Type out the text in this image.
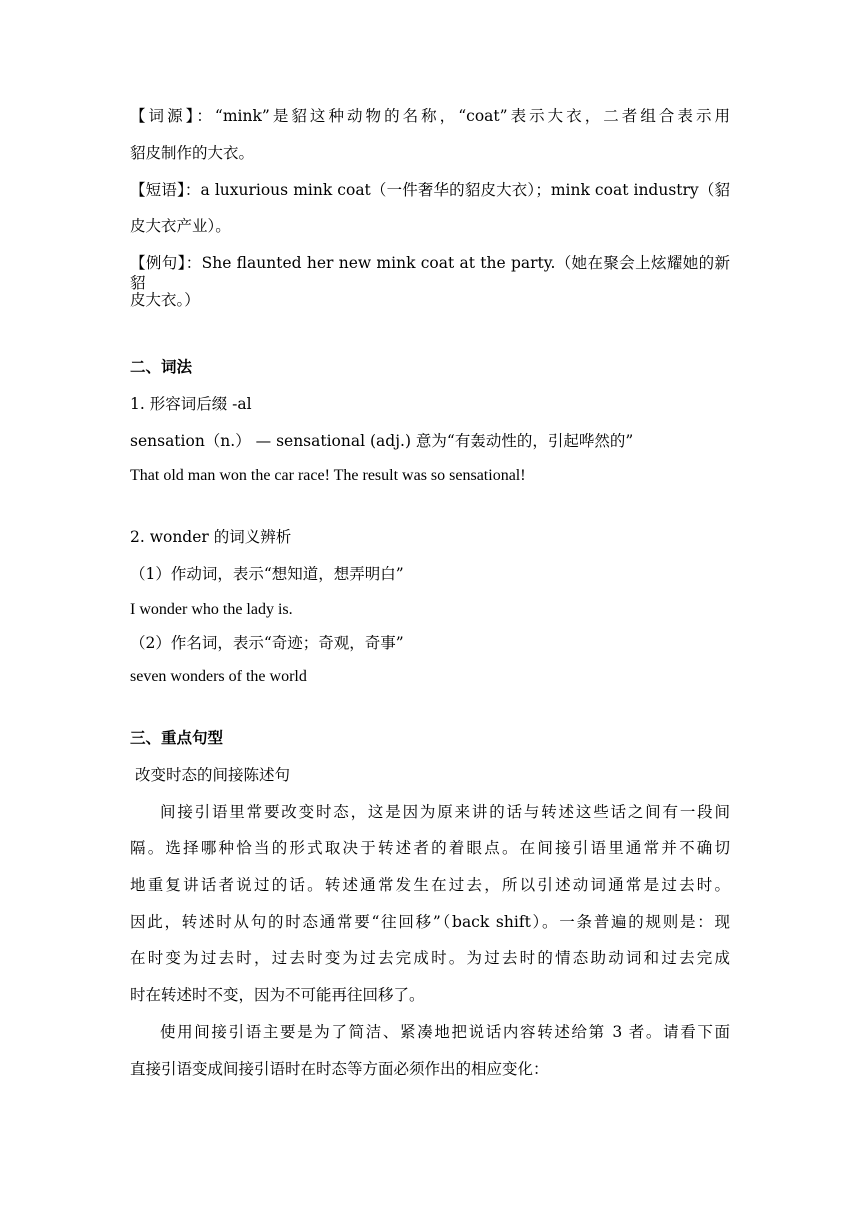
【词源】：“mink”是貂这种动物的名称，“coat”表示大衣，二者组合表示用
貂皮制作的大衣。
【短语】：a luxurious mink coat（一件奢华的貂皮大衣）；mink coat industry（貂
皮大衣产业）。
【例句】：She flaunted her new mink coat at the party.（她在聚会上炫耀她的新貂
皮大衣。）
二、词法
1. 形容词后缀 -al
sensation（n.） — sensational (adj.) 意为“有轰动性的，引起哗然的”
That old man won the car race! The result was so sensational!
2. wonder 的词义辨析
（1）作动词，表示“想知道，想弄明白”
I wonder who the lady is.
（2）作名词，表示“奇迹；奇观，奇事”
seven wonders of the world
三、重点句型
改变时态的间接陈述句
间接引语里常要改变时态，这是因为原来讲的话与转述这些话之间有一段间
隔。选择哪种恰当的形式取决于转述者的着眼点。在间接引语里通常并不确切
地重复讲话者说过的话。转述通常发生在过去，所以引述动词通常是过去时。
因此，转述时从句的时态通常要“往回移”（back shift）。一条普遍的规则是：现
在时变为过去时，过去时变为过去完成时。为过去时的情态助动词和过去完成
时在转述时不变，因为不可能再往回移了。
使用间接引语主要是为了简洁、紧凑地把说话内容转述给第 3 者。请看下面
直接引语变成间接引语时在时态等方面必须作出的相应变化：
